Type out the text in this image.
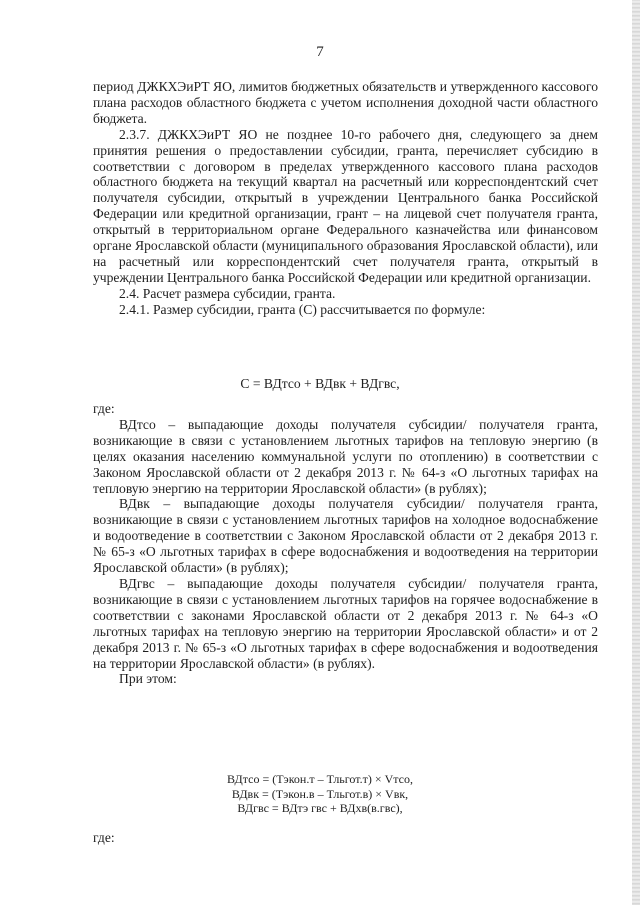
7

период ДЖКХЭиРТ ЯО, лимитов бюджетных обязательств и утвержденного кассового плана расходов областного бюджета с учетом исполнения доходной части областного бюджета.

2.3.7. ДЖКХЭиРТ ЯО не позднее 10-го рабочего дня, следующего за днем принятия решения о предоставлении субсидии, гранта, перечисляет субсидию в соответствии с договором в пределах утвержденного кассового плана расходов областного бюджета на текущий квартал на расчетный или корреспондентский счет получателя субсидии, открытый в учреждении Центрального банка Российской Федерации или кредитной организации, грант – на лицевой счет получателя гранта, открытый в территориальном органе Федерального казначейства или финансовом органе Ярославской области (муниципального образования Ярославской области), или на расчетный или корреспондентский счет получателя гранта, открытый в учреждении Центрального банка Российской Федерации или кредитной организации.

2.4. Расчет размера субсидии, гранта.

2.4.1. Размер субсидии, гранта (С) рассчитывается по формуле:

С = ВДтсо + ВДвк + ВДгвс,

где:

ВДтсо – выпадающие доходы получателя субсидии/ получателя гранта, возникающие в связи с установлением льготных тарифов на тепловую энергию (в целях оказания населению коммунальной услуги по отоплению) в соответствии с Законом Ярославской области от 2 декабря 2013 г. № 64-з «О льготных тарифах на тепловую энергию на территории Ярославской области» (в рублях);

ВДвк – выпадающие доходы получателя субсидии/ получателя гранта, возникающие в связи с установлением льготных тарифов на холодное водоснабжение и водоотведение в соответствии с Законом Ярославской области от 2 декабря 2013 г. № 65-з «О льготных тарифах в сфере водоснабжения и водоотведения на территории Ярославской области» (в рублях);

ВДгвс – выпадающие доходы получателя субсидии/ получателя гранта, возникающие в связи с установлением льготных тарифов на горячее водоснабжение в соответствии с законами Ярославской области от 2 декабря 2013 г. № 64-з «О льготных тарифах на тепловую энергию на территории Ярославской области» и от 2 декабря 2013 г. № 65-з «О льготных тарифах в сфере водоснабжения и водоотведения на территории Ярославской области» (в рублях).

При этом:

ВДтсо = (Тэкон.т – Тльгот.т) × Vтсо,
ВДвк = (Тэкон.в – Тльгот.в) × Vвк,
ВДгвс = ВДтэ гвс + ВДхв(в.гвс),
где:
